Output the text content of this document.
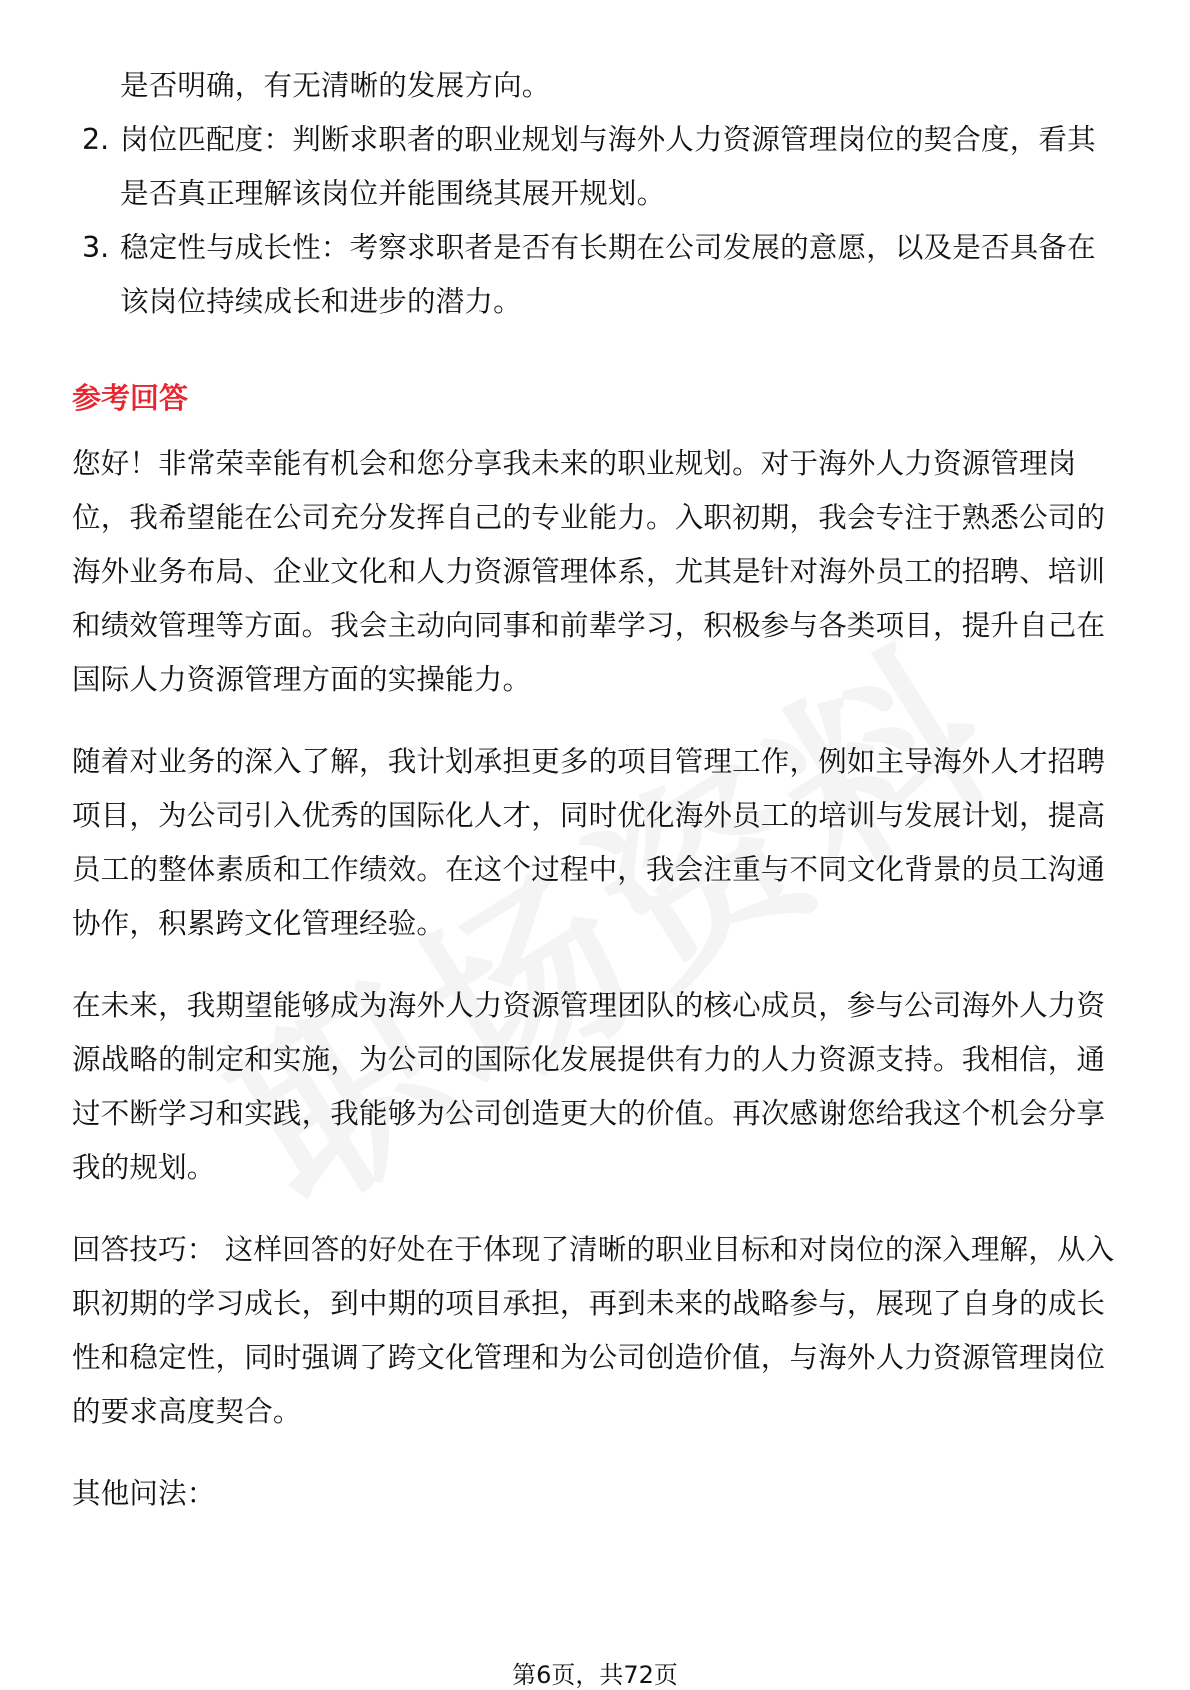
是否明确，有无清晰的发展方向。
2. 岗位匹配度：判断求职者的职业规划与海外人力资源管理岗位的契合度，看其
是否真正理解该岗位并能围绕其展开规划。
3. 稳定性与成长性：考察求职者是否有长期在公司发展的意愿，以及是否具备在
该岗位持续成长和进步的潜力。
参考回答
您好！非常荣幸能有机会和您分享我未来的职业规划。对于海外人力资源管理岗
位，我希望能在公司充分发挥自己的专业能力。入职初期，我会专注于熟悉公司的
海外业务布局、企业文化和人力资源管理体系，尤其是针对海外员工的招聘、培训
和绩效管理等方面。我会主动向同事和前辈学习，积极参与各类项目，提升自己在
国际人力资源管理方面的实操能力。
随着对业务的深入了解，我计划承担更多的项目管理工作，例如主导海外人才招聘
项目，为公司引入优秀的国际化人才，同时优化海外员工的培训与发展计划，提高
员工的整体素质和工作绩效。在这个过程中，我会注重与不同文化背景的员工沟通
协作，积累跨文化管理经验。
在未来，我期望能够成为海外人力资源管理团队的核心成员，参与公司海外人力资
源战略的制定和实施，为公司的国际化发展提供有力的人力资源支持。我相信，通
过不断学习和实践，我能够为公司创造更大的价值。再次感谢您给我这个机会分享
我的规划。
回答技巧： 这样回答的好处在于体现了清晰的职业目标和对岗位的深入理解，从入
职初期的学习成长，到中期的项目承担，再到未来的战略参与，展现了自身的成长
性和稳定性，同时强调了跨文化管理和为公司创造价值，与海外人力资源管理岗位
的要求高度契合。
其他问法：
第6页，共72页
